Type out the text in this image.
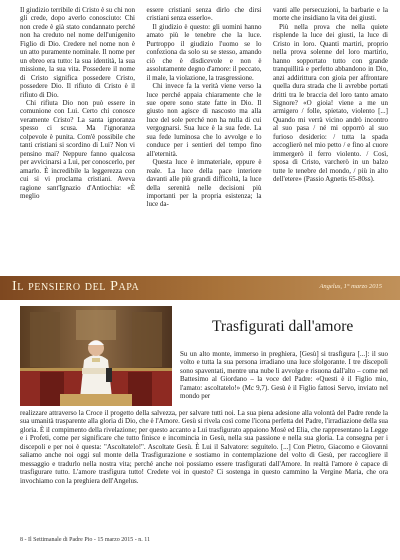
Il giudizio terribile di Cristo è su chi non gli crede, dopo averlo conosciuto: Chi non crede è già stato condannato perché non ha creduto nel nome dell'unigenito Figlio di Dio. Credere nel nome non è un atto puramente nominale. Il nome per un ebreo era tutto: la sua identità, la sua missione, la sua vita. Possedere il nome di Cristo significa possedere Cristo, possedere Dio. Il rifiuto di Cristo è il rifiuto di Dio.

Chi rifiuta Dio non può essere in comunione con Lui. Certo chi conosce veramente Cristo? La santa ignoranza spesso ci scusa. Ma l'ignoranza colpevole è punita. Com'è possibile che tanti cristiani si scordino di Lui? Non vi pensino mai? Neppure fanno qualcosa per avvicinarsi a Lui, per conoscerlo, per amarlo. È incredibile la leggerezza con cui si vi proclama cristiani. Aveva ragione sant'Ignazio d'Antiochia: «È meglio

essere cristiani senza dirlo che dirsi cristiani senza esserlo».

Il giudizio è questo: gli uomini hanno amato più le tenebre che la luce. Purtroppo il giudizio l'uomo se lo confeziona da solo su se stesso, amando ciò che è disdicevole e non è assolutamente degno d'amore: il peccato, il male, la violazione, la trasgressione.

Chi invece fa la verità viene verso la luce perché appaia chiaramente che le sue opere sono state fatte in Dio. Il giusto non agisce di nascosto ma alla luce del sole perché non ha nulla di cui vergognarsi. Sua luce è la sua fede. La sua fede luminosa che lo avvolge e lo conduce per i sentieri del tempo fino all'eternità.

Questa luce è immateriale, eppure è reale. La luce della pace interiore davanti alle più grandi difficoltà, la luce della serenità nelle decisioni più importanti per la propria esistenza; la luce da-

vanti alle persecuzioni, la barbarie e la morte che insidiano la vita dei giusti.

Più nella prova che nella quiete risplende la luce dei giusti, la luce di Cristo in loro. Quanti martiri, proprio nella prova solenne del loro martirio, hanno sopportato tutto con grande tranquillità e perfetto abbandono in Dio, anzi addirittura con gioia per affrontare quella dura strada che li avrebbe portati dritti tra le braccia del loro tanto amato Signore? «O gioia! viene a me un armigero / folle, spietato, violento [...] Quando mi verrà vicino andrò incontro al suo pasa / né mi opporrò al suo furioso desiderio: / tutta la spada accoglierò nel mio petto / e fino al cuore immergerò il ferro violento. / Così, sposa di Cristo, varcherò in un balzo tutte le tenebre del mondo, / più in alto dell'etere» (Passio Agnetis 65-80ss).

Il pensiero del Papa	Angelus, 1° marzo 2015
Trasfigurati dall'amore

Su un alto monte, immerso in preghiera, [Gesù] si trasfigura [...]: il suo volto e tutta la sua persona irradiano una luce sfolgorante. I tre discepoli sono spaventati, mentre una nube li avvolge e risuona dall'alto – come nel Battesimo al Giordano – la voce del Padre: «Questi è il Figlio mio, l'amato: ascoltatelo!» (Mc 9,7). Gesù è il Figlio fattosi Servo, inviato nel mondo per

realizzare attraverso la Croce il progetto della salvezza, per salvare tutti noi. La sua piena adesione alla volontà del Padre rende la sua umanità trasparente alla gloria di Dio, che è l'Amore. Gesù si rivela così come l'icona perfetta del Padre, l'irradiazione della sua gloria. È il compimento della rivelazione; per questo accanto a Lui trasfigurato appaiono Mosè ed Elia, che rappresentano la Legge e i Profeti, come per significare che tutto finisce e incomincia in Gesù, nella sua passione e nella sua gloria. La consegna per i discepoli e per noi è questa: "Ascoltatelo!". Ascoltate Gesù. È Lui il Salvatore: seguitelo. [...] Con Pietro, Giacomo e Giovanni saliamo anche noi oggi sul monte della Trasfigurazione e sostiamo in contemplazione del volto di Gesù, per raccogliere il messaggio e tradurlo nella nostra vita; perché anche noi possiamo essere trasfigurati dall'Amore. In realtà l'amore è capace di trasfigurare tutto. L'amore trasfigura tutto! Credete voi in questo? Ci sostenga in questo cammino la Vergine Maria, che ora invochiamo con la preghiera dell'Angelus.

8 - Il Settimanale di Padre Pio - 15 marzo 2015 - n. 11
